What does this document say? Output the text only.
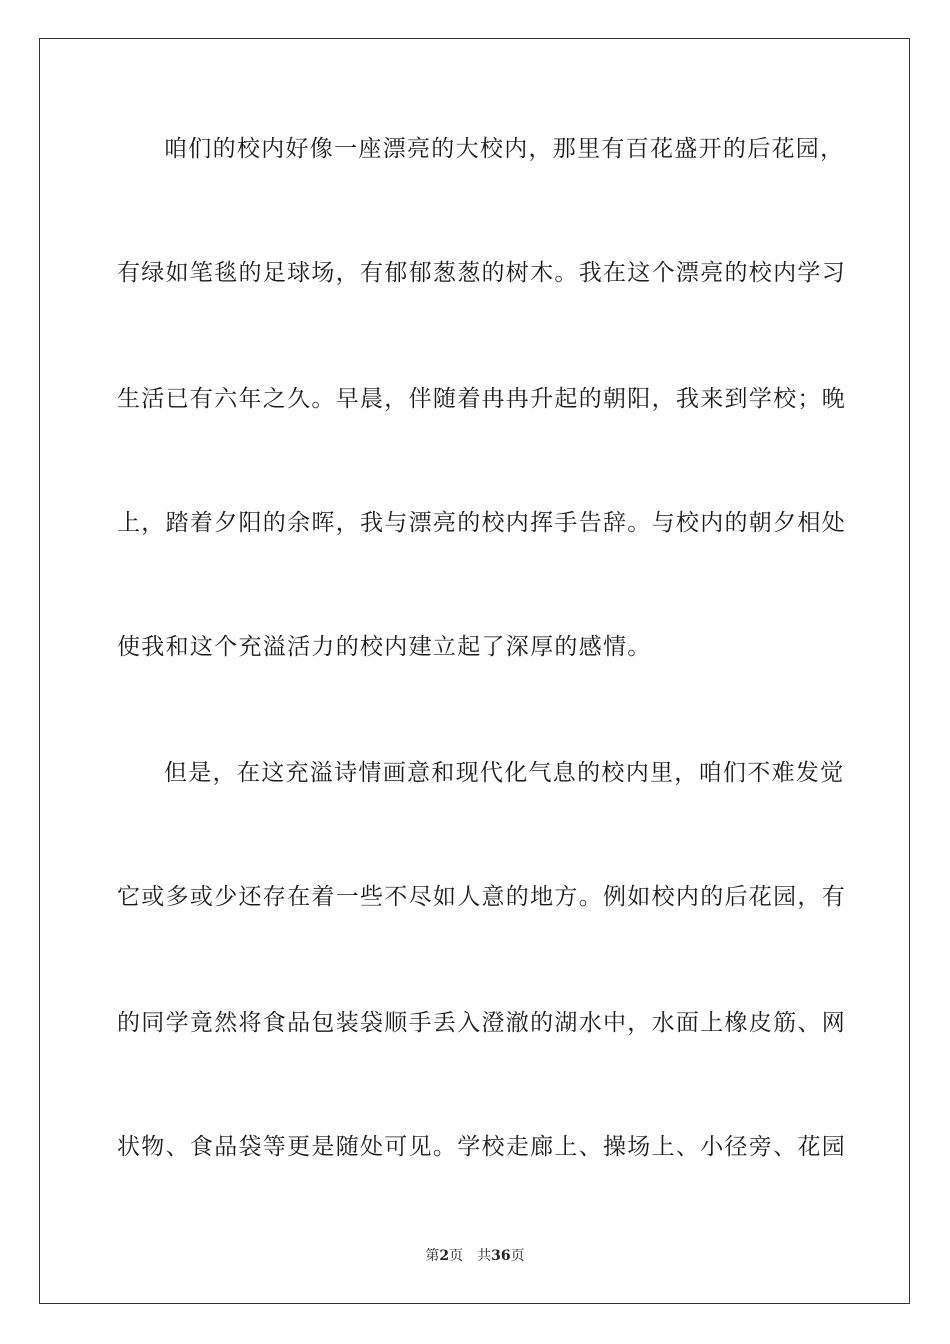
咱们的校内好像一座漂亮的大校内，那里有百花盛开的后花园，
有绿如笔毯的足球场，有郁郁葱葱的树木。我在这个漂亮的校内学习
生活已有六年之久。早晨，伴随着冉冉升起的朝阳，我来到学校；晚
上，踏着夕阳的余晖，我与漂亮的校内挥手告辞。与校内的朝夕相处
使我和这个充溢活力的校内建立起了深厚的感情。
但是，在这充溢诗情画意和现代化气息的校内里，咱们不难发觉
它或多或少还存在着一些不尽如人意的地方。例如校内的后花园，有
的同学竟然将食品包装袋顺手丢入澄澈的湖水中，水面上橡皮筋、网
状物、食品袋等更是随处可见。学校走廊上、操场上、小径旁、花园
第2页 共36页
